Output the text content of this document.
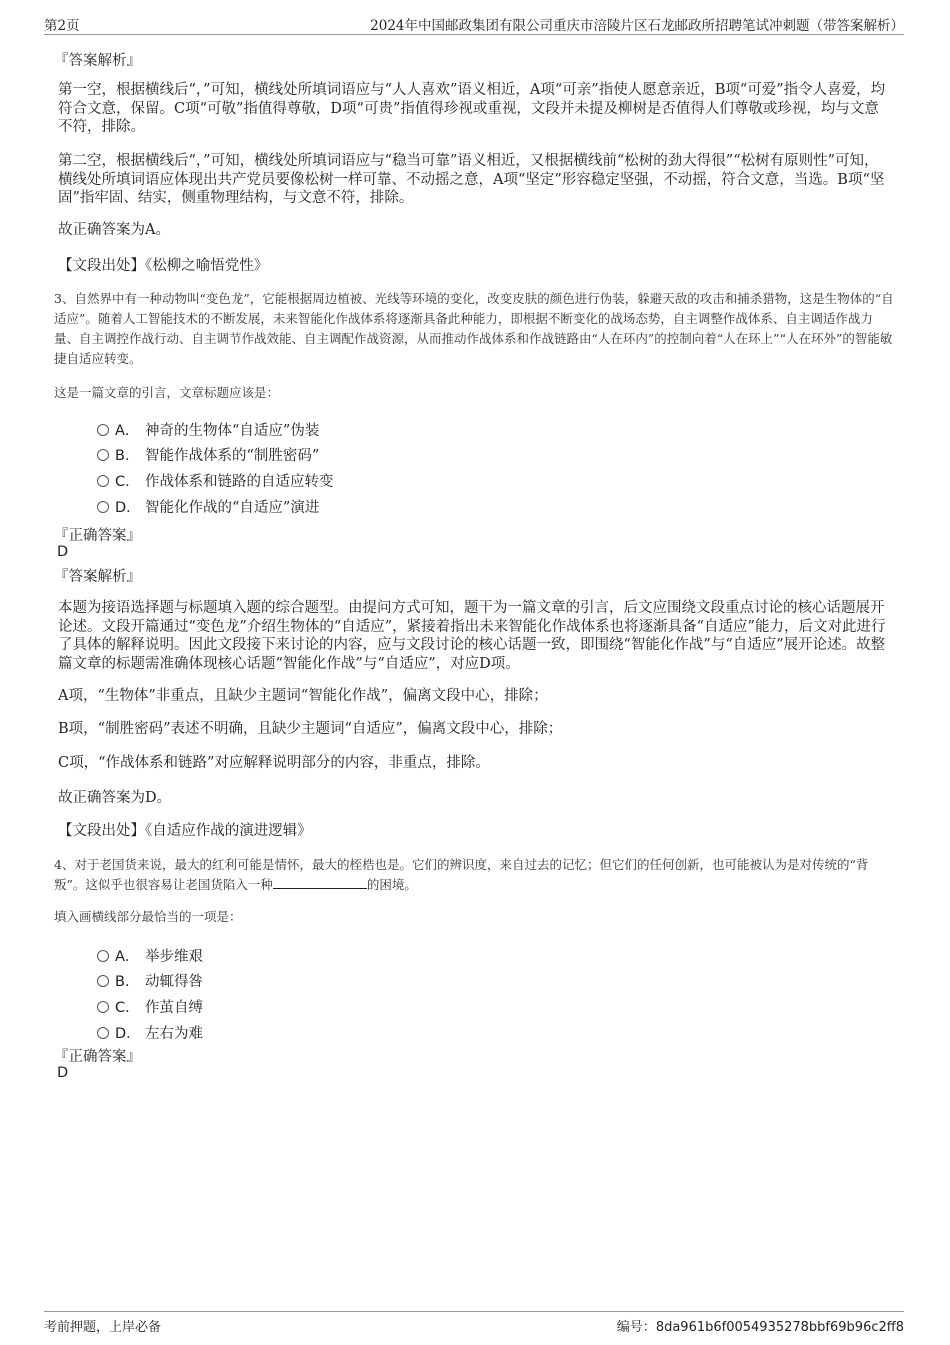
第2页	2024年中国邮政集团有限公司重庆市涪陵片区石龙邮政所招聘笔试冲刺题（带答案解析）
『答案解析』
第一空，根据横线后“，”可知，横线处所填词语应与“人人喜欢”语义相近，A项“可亲”指使人愿意亲近，B项“可爱”指令人喜爱，均符合文意，保留。C项“可敬”指值得尊敬，D项“可贵”指值得珍视或重视，文段并未提及柳树是否值得人们尊敬或珍视，均与文意不符，排除。
第二空，根据横线后“，”可知，横线处所填词语应与“稳当可靠”语义相近，又根据横线前“松树的劲大得很”“松树有原则性”可知，横线处所填词语应体现出共产党员要像松树一样可靠、不动摇之意，A项“坚定”形容稳定坚强，不动摇，符合文意，当选。B项“坚固”指牢固、结实，侧重物理结构，与文意不符，排除。
故正确答案为A。
【文段出处】《松柳之喻悟党性》
3、自然界中有一种动物叫“变色龙”，它能根据周边植被、光线等环境的变化，改变皮肤的颜色进行伪装，躲避天敌的攻击和捕杀猎物，这是生物体的“自适应”。随着人工智能技术的不断发展，未来智能化作战体系将逐渐具备此种能力，即根据不断变化的战场态势，自主调整作战体系、自主调适作战力量、自主调控作战行动、自主调节作战效能、自主调配作战资源，从而推动作战体系和作战链路由“人在环内”的控制向着“人在环上”“人在环外”的智能敏捷自适应转变。
这是一篇文章的引言，文章标题应该是：
A． 神奇的生物体“自适应”伪装
B． 智能作战体系的“制胜密码”
C． 作战体系和链路的自适应转变
D． 智能化作战的“自适应”演进
『正确答案』
D
『答案解析』
本题为接语选择题与标题填入题的综合题型。由提问方式可知，题干为一篇文章的引言，后文应围绕文段重点讨论的核心话题展开论述。文段开篇通过“变色龙”介绍生物体的“自适应”，紧接着指出未来智能化作战体系也将逐渐具备“自适应”能力，后文对此进行了具体的解释说明。因此文段接下来讨论的内容，应与文段讨论的核心话题一致，即围绕“智能化作战”与“自适应”展开论述。故整篇文章的标题需准确体现核心话题“智能化作战”与“自适应”，对应D项。
A项，“生物体”非重点，且缺少主题词“智能化作战”，偏离文段中心，排除；
B项，“制胜密码”表述不明确，且缺少主题词“自适应”，偏离文段中心，排除；
C项，“作战体系和链路”对应解释说明部分的内容，非重点，排除。
故正确答案为D。
【文段出处】《自适应作战的演进逻辑》
4、对于老国货来说，最大的红利可能是情怀，最大的桎梏也是。它们的辨识度，来自过去的记忆；但它们的任何创新，也可能被认为是对传统的“背叛”。这似乎也很容易让老国货陷入一种	的困境。
填入画横线部分最恰当的一项是：
A． 举步维艰
B． 动辄得咎
C． 作茧自缚
D． 左右为难
『正确答案』
D
考前押题，上岸必备	编号：8da961b6f0054935278bbf69b96c2ff8
